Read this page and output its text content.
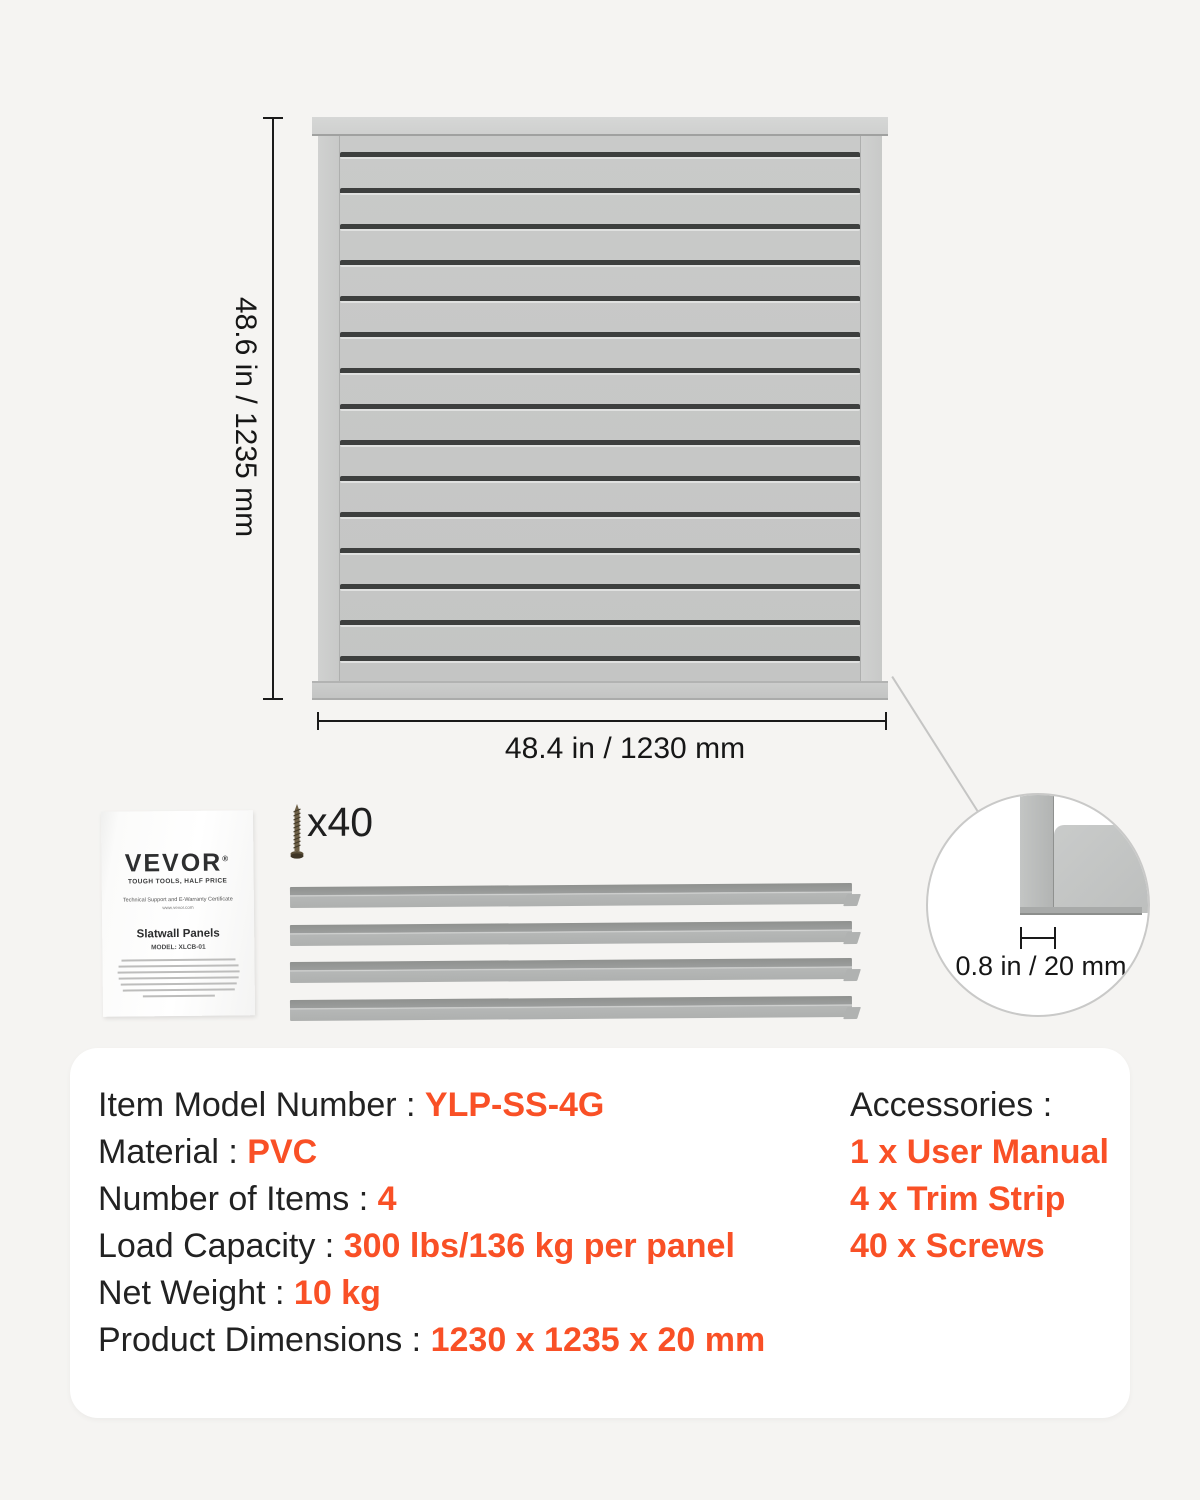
48.6 in / 1235 mm
48.4 in / 1230 mm
0.8 in / 20 mm
VEVOR®
TOUGH TOOLS, HALF PRICE
Technical Support and E-Warranty Certificate
www.vevor.com
Slatwall Panels
MODEL: XLCB-01
x40
Item Model Number : YLP-SS-4G
Material : PVC
Number of Items : 4
Load Capacity : 300 lbs/136 kg per panel
Net Weight : 10 kg
Product Dimensions : 1230 x 1235 x 20 mm
Accessories :
1 x User Manual
4 x Trim Strip
40 x Screws
